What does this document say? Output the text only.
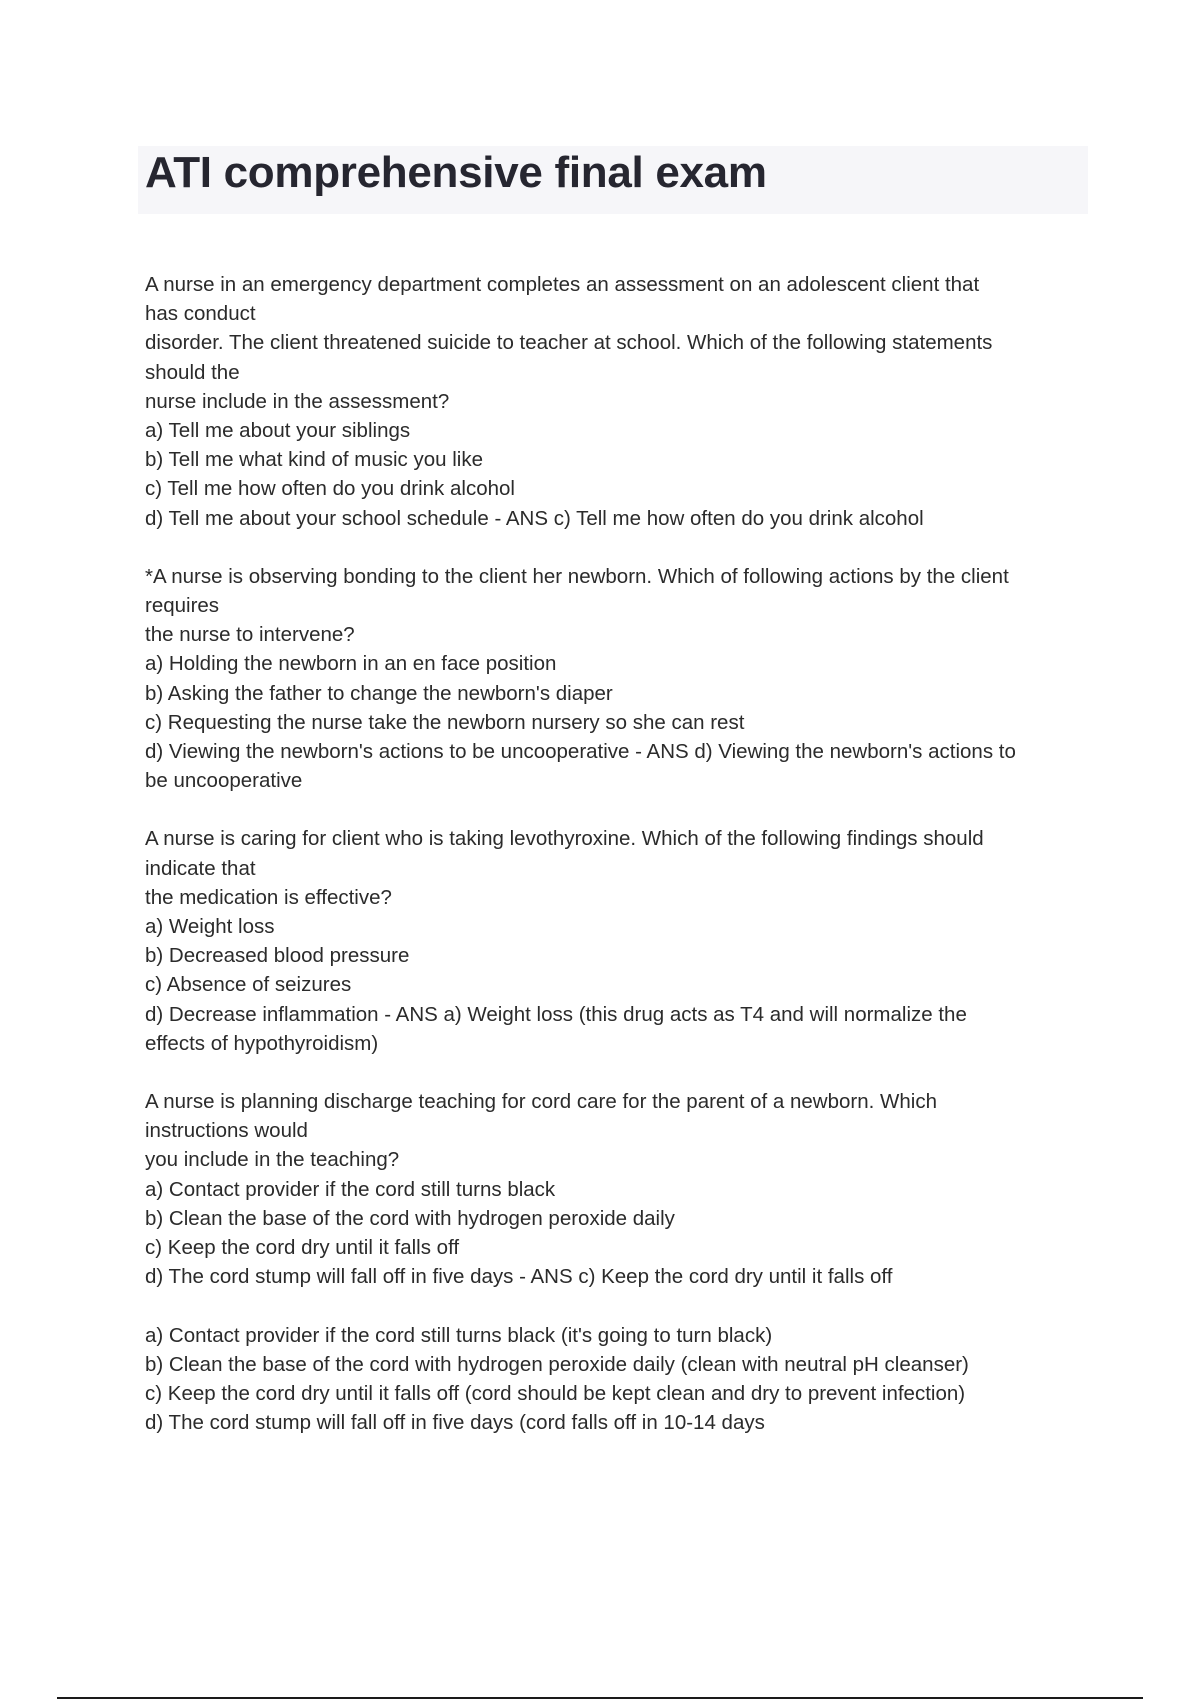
ATI comprehensive final exam
A nurse in an emergency department completes an assessment on an adolescent client that
has conduct
disorder. The client threatened suicide to teacher at school. Which of the following statements
should the
nurse include in the assessment?
a) Tell me about your siblings
b) Tell me what kind of music you like
c) Tell me how often do you drink alcohol
d) Tell me about your school schedule - ANS c) Tell me how often do you drink alcohol
*A nurse is observing bonding to the client her newborn. Which of following actions by the client
requires
the nurse to intervene?
a) Holding the newborn in an en face position
b) Asking the father to change the newborn's diaper
c) Requesting the nurse take the newborn nursery so she can rest
d) Viewing the newborn's actions to be uncooperative - ANS d) Viewing the newborn's actions to
be uncooperative
A nurse is caring for client who is taking levothyroxine. Which of the following findings should
indicate that
the medication is effective?
a) Weight loss
b) Decreased blood pressure
c) Absence of seizures
d) Decrease inflammation - ANS a) Weight loss (this drug acts as T4 and will normalize the
effects of hypothyroidism)
A nurse is planning discharge teaching for cord care for the parent of a newborn. Which
instructions would
you include in the teaching?
a) Contact provider if the cord still turns black
b) Clean the base of the cord with hydrogen peroxide daily
c) Keep the cord dry until it falls off
d) The cord stump will fall off in five days - ANS c) Keep the cord dry until it falls off
a) Contact provider if the cord still turns black (it's going to turn black)
b) Clean the base of the cord with hydrogen peroxide daily (clean with neutral pH cleanser)
c) Keep the cord dry until it falls off (cord should be kept clean and dry to prevent infection)
d) The cord stump will fall off in five days (cord falls off in 10-14 days
